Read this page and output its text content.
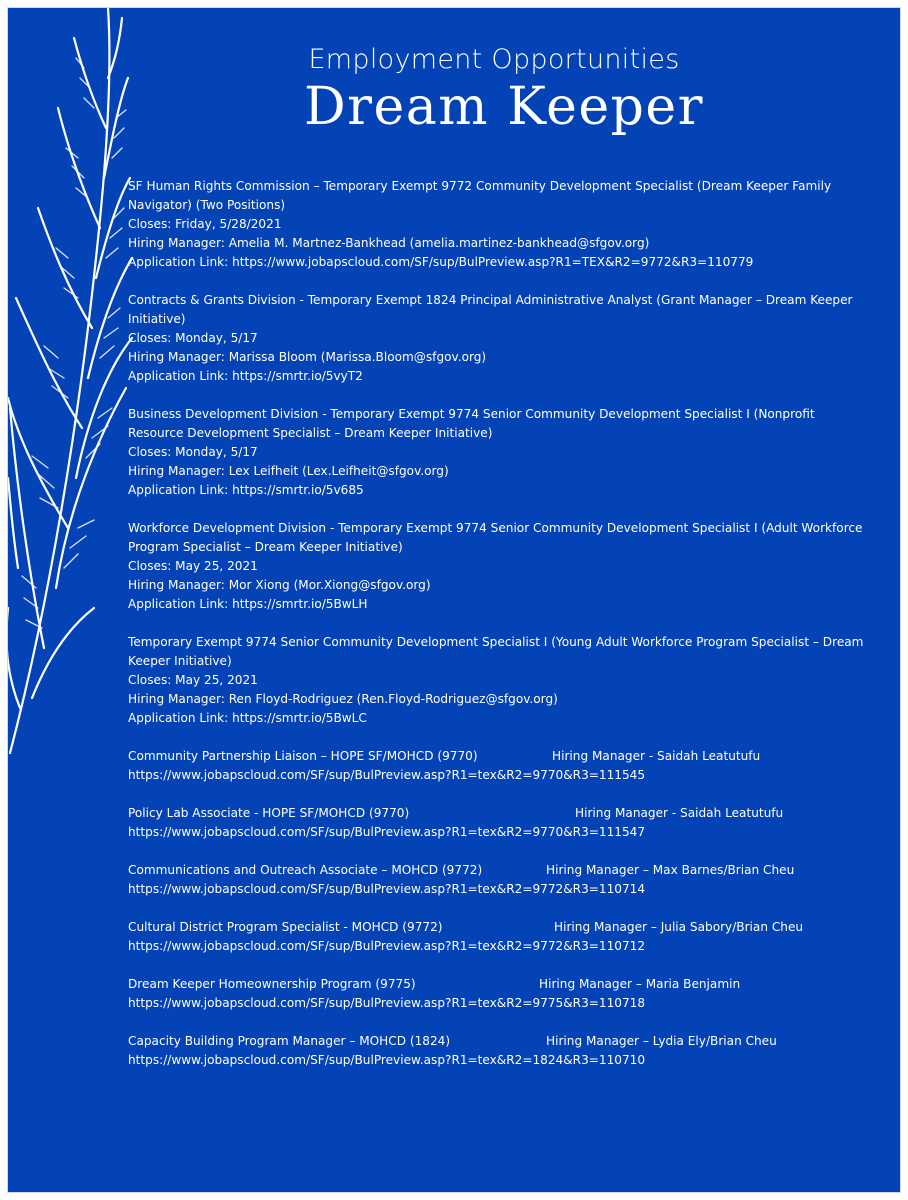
Employment Opportunities
Dream Keeper
SF Human Rights Commission – Temporary Exempt 9772 Community Development Specialist (Dream Keeper Family Navigator) (Two Positions)
Closes: Friday, 5/28/2021
Hiring Manager: Amelia M. Martnez-Bankhead (amelia.martinez-bankhead@sfgov.org)
Application Link: https://www.jobapscloud.com/SF/sup/BulPreview.asp?R1=TEX&R2=9772&R3=110779
Contracts & Grants Division - Temporary Exempt 1824 Principal Administrative Analyst (Grant Manager – Dream Keeper Initiative)
Closes: Monday, 5/17
Hiring Manager: Marissa Bloom (Marissa.Bloom@sfgov.org)
Application Link: https://smrtr.io/5vyT2
Business Development Division - Temporary Exempt 9774 Senior Community Development Specialist I (Nonprofit Resource Development Specialist – Dream Keeper Initiative)
Closes: Monday, 5/17
Hiring Manager: Lex Leifheit (Lex.Leifheit@sfgov.org)
Application Link: https://smrtr.io/5v685
Workforce Development Division - Temporary Exempt 9774 Senior Community Development Specialist I (Adult Workforce Program Specialist – Dream Keeper Initiative)
Closes: May 25, 2021
Hiring Manager: Mor Xiong (Mor.Xiong@sfgov.org)
Application Link: https://smrtr.io/5BwLH
Temporary Exempt 9774 Senior Community Development Specialist I (Young Adult Workforce Program Specialist – Dream Keeper Initiative)
Closes: May 25, 2021
Hiring Manager: Ren Floyd-Rodriguez (Ren.Floyd-Rodriguez@sfgov.org)
Application Link: https://smrtr.io/5BwLC
Community Partnership Liaison – HOPE SF/MOHCD (9770)	Hiring Manager - Saidah Leatutufu
https://www.jobapscloud.com/SF/sup/BulPreview.asp?R1=tex&R2=9770&R3=111545
Policy Lab Associate - HOPE SF/MOHCD (9770)	Hiring Manager - Saidah Leatutufu
https://www.jobapscloud.com/SF/sup/BulPreview.asp?R1=tex&R2=9770&R3=111547
Communications and Outreach Associate – MOHCD (9772)	Hiring Manager – Max Barnes/Brian Cheu
https://www.jobapscloud.com/SF/sup/BulPreview.asp?R1=tex&R2=9772&R3=110714
Cultural District Program Specialist - MOHCD (9772)	Hiring Manager – Julia Sabory/Brian Cheu
https://www.jobapscloud.com/SF/sup/BulPreview.asp?R1=tex&R2=9772&R3=110712
Dream Keeper Homeownership Program (9775)	Hiring Manager – Maria Benjamin
https://www.jobapscloud.com/SF/sup/BulPreview.asp?R1=tex&R2=9775&R3=110718
Capacity Building Program Manager – MOHCD (1824)	Hiring Manager – Lydia Ely/Brian Cheu
https://www.jobapscloud.com/SF/sup/BulPreview.asp?R1=tex&R2=1824&R3=110710
